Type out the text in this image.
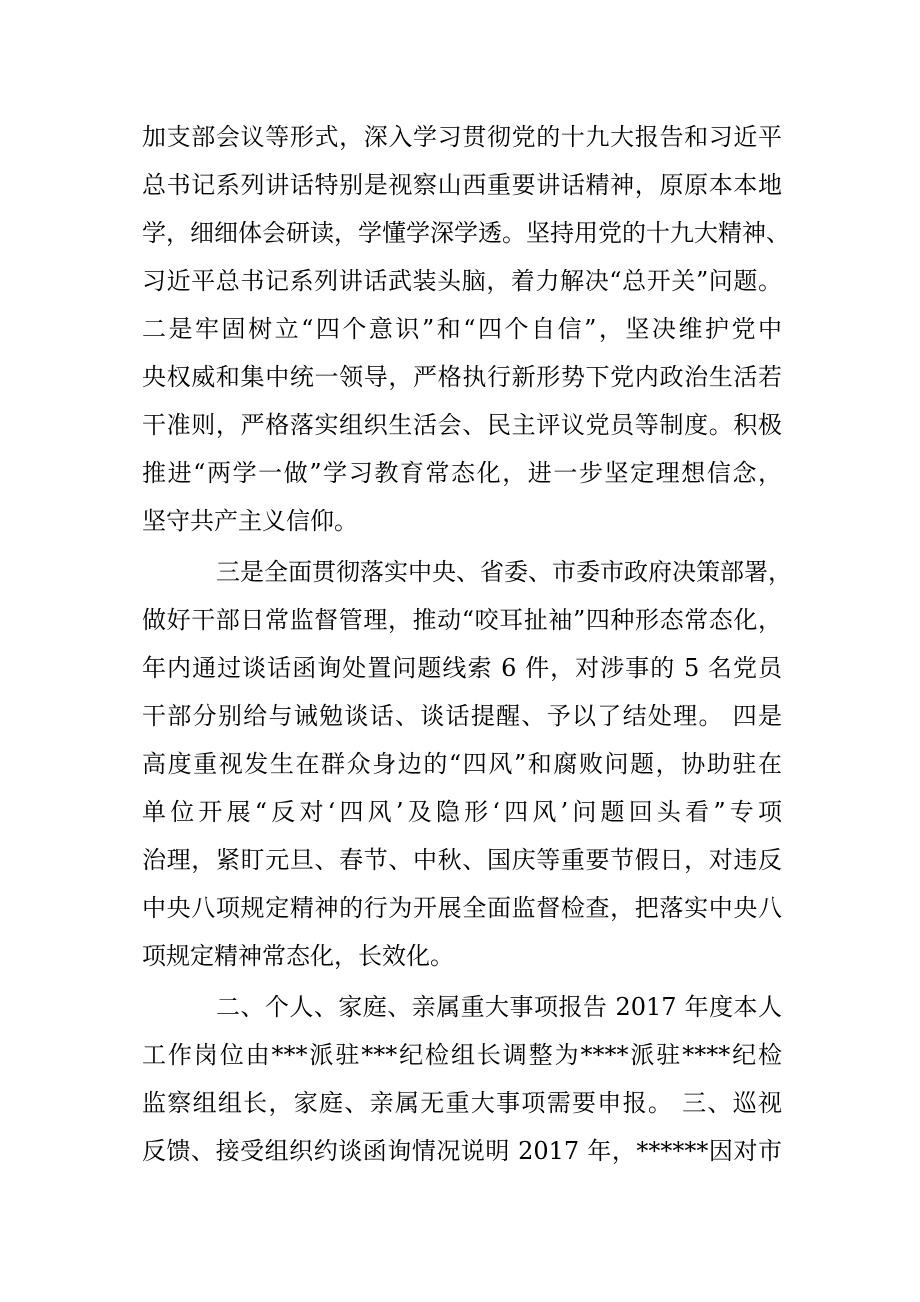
加支部会议等形式，深入学习贯彻党的十九大报告和习近平
总书记系列讲话特别是视察山西重要讲话精神，原原本本地
学，细细体会研读，学懂学深学透。坚持用党的十九大精神、
习近平总书记系列讲话武装头脑，着力解决“总开关”问题。
二是牢固树立“四个意识”和“四个自信”，坚决维护党中
央权威和集中统一领导，严格执行新形势下党内政治生活若
干准则，严格落实组织生活会、民主评议党员等制度。积极
推进“两学一做”学习教育常态化，进一步坚定理想信念，
坚守共产主义信仰。
三是全面贯彻落实中央、省委、市委市政府决策部署，
做好干部日常监督管理，推动“咬耳扯袖”四种形态常态化，
年内通过谈话函询处置问题线索 6 件，对涉事的 5 名党员
干部分别给与诫勉谈话、谈话提醒、予以了结处理。 四是
高度重视发生在群众身边的“四风”和腐败问题，协助驻在
单位开展“反对‘四风’及隐形‘四风’问题回头看”专项
治理，紧盯元旦、春节、中秋、国庆等重要节假日，对违反
中央八项规定精神的行为开展全面监督检查，把落实中央八
项规定精神常态化，长效化。
二、个人、家庭、亲属重大事项报告 2017 年度本人
工作岗位由***派驻***纪检组长调整为****派驻****纪检
监察组组长，家庭、亲属无重大事项需要申报。 三、巡视
反馈、接受组织约谈函询情况说明 2017 年，******因对市
